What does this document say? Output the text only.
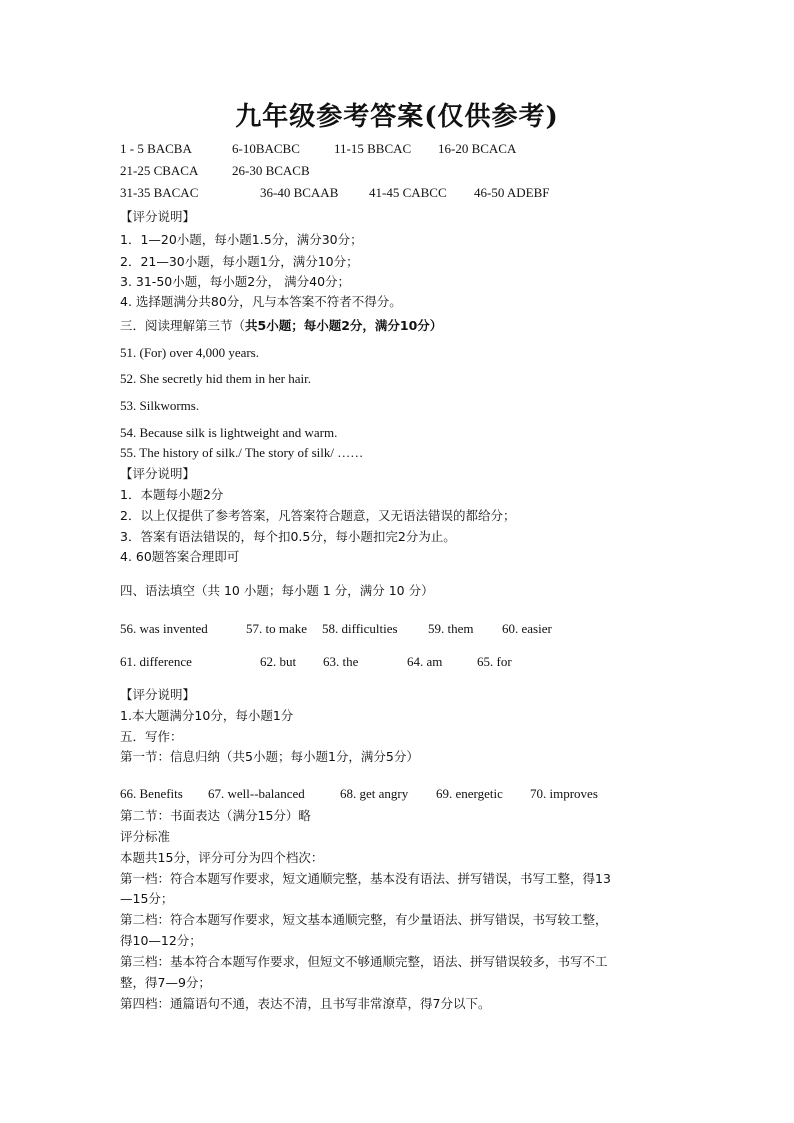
九年级参考答案(仅供参考)
1 - 5 BACBA	6-10BACBC	11-15 BBCAC 16-20 BCACA
21-25 CBACA	26-30 BCACB
31-35 BACAC	36-40 BCAAB 41-45 CABCC 46-50 ADEBF
【评分说明】
1．1—20小题，每小题1.5分，满分30分；
2．21—30小题，每小题1分，满分10分；
3. 31-50小题，每小题2分， 满分40分；
4. 选择题满分共80分，凡与本答案不符者不得分。
三．阅读理解第三节（共5小题；每小题2分，满分10分）
51. (For) over 4,000 years.
52. She secretly hid them in her hair.
53. Silkworms.
54. Because silk is lightweight and warm.
55. The history of silk./ The story of silk/ ……
【评分说明】
1．本题每小题2分
2．以上仅提供了参考答案，凡答案符合题意，又无语法错误的都给分；
3．答案有语法错误的，每个扣0.5分，每小题扣完2分为止。
4. 60题答案合理即可
四、语法填空（共 10 小题；每小题 1 分，满分 10 分）
56. was invented	57. to make 58. difficulties 59. them 60. easier
61. difference	62. but 63. the	64. am	65. for
【评分说明】
1.本大题满分10分，每小题1分
五．写作：
第一节：信息归纳（共5小题；每小题1分，满分5分）
66. Benefits 67. well--balanced	68. get angry 69. energetic 70. improves
第二节：书面表达（满分15分）略
评分标准
本题共15分，评分可分为四个档次：
第一档：符合本题写作要求，短文通顺完整，基本没有语法、拼写错误，书写工整，得13
—15分；
第二档：符合本题写作要求，短文基本通顺完整，有少量语法、拼写错误，书写较工整，
得10—12分；
第三档：基本符合本题写作要求，但短文不够通顺完整，语法、拼写错误较多，书写不工
整，得7—9分；
第四档：通篇语句不通，表达不清，且书写非常潦草，得7分以下。
